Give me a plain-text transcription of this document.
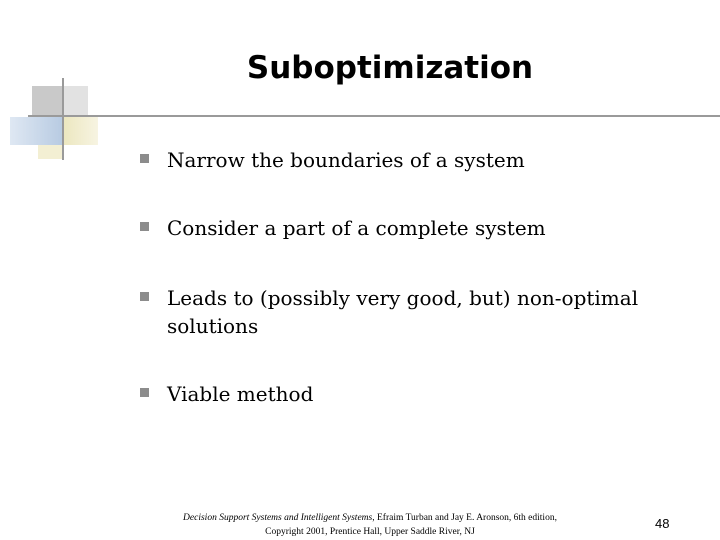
Suboptimization
Narrow the boundaries of a system
Consider a part of a complete system
Leads to (possibly very good, but) non-optimal solutions
Viable method
Decision Support Systems and Intelligent Systems, Efraim Turban and Jay E. Aronson, 6th edition,
Copyright 2001, Prentice Hall, Upper Saddle River, NJ
48
